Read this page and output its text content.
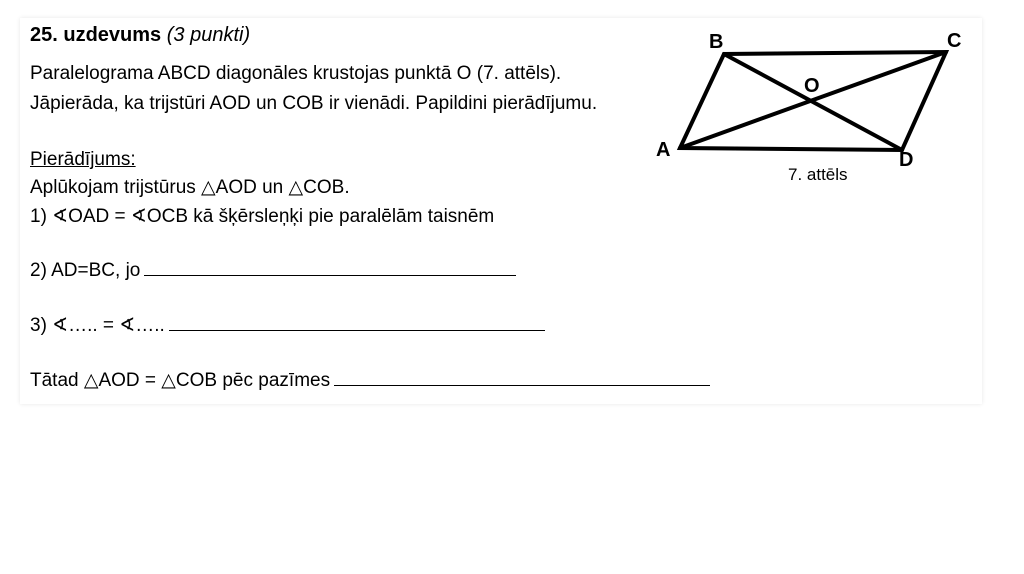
25. uzdevums (3 punkti)
Paralelograma ABCD diagonāles krustojas punktā O (7. attēls).
Jāpierāda, ka trijstūri AOD un COB ir vienādi. Papildini pierādījumu.
Pierādījums:
Aplūkojam trijstūrus △AOD un △COB.
1) ∢OAD = ∢OCB kā šķērsleņķi pie paralēlām taisnēm
2) AD=BC, jo
3) ∢….. = ∢…..
Tātad △AOD = △COB pēc pazīmes
B	C
A	D
O
7. attēls
